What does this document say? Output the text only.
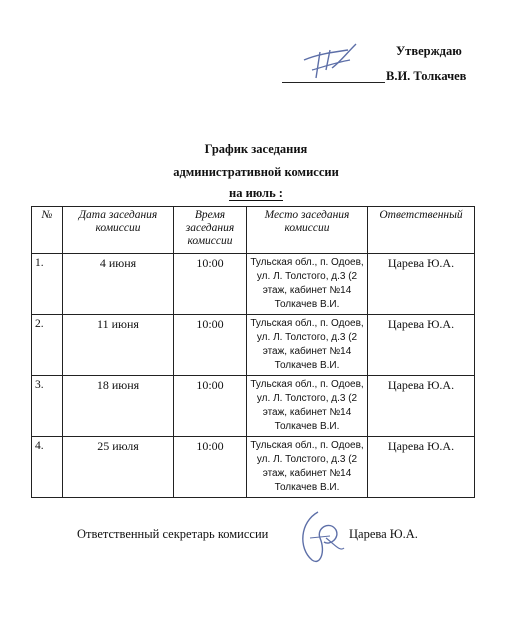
Утверждаю
В.И. Толкачев
График заседания
административной комиссии
на июль :
№	Дата заседания комиссии	Время заседания комиссии	Место заседания комиссии	Ответственный
1.	4 июня	10:00	Тульская обл., п. Одоев, ул. Л. Толстого, д.3 (2 этаж, кабинет №14 Толкачев В.И.	Царева Ю.А.
2.	11 июня	10:00	Тульская обл., п. Одоев, ул. Л. Толстого, д.3 (2 этаж, кабинет №14 Толкачев В.И.	Царева Ю.А.
3.	18 июня	10:00	Тульская обл., п. Одоев, ул. Л. Толстого, д.3 (2 этаж, кабинет №14 Толкачев В.И.	Царева Ю.А.
4.	25 июля	10:00	Тульская обл., п. Одоев, ул. Л. Толстого, д.3 (2 этаж, кабинет №14 Толкачев В.И.	Царева Ю.А.
Ответственный секретарь комиссии	Царева Ю.А.
